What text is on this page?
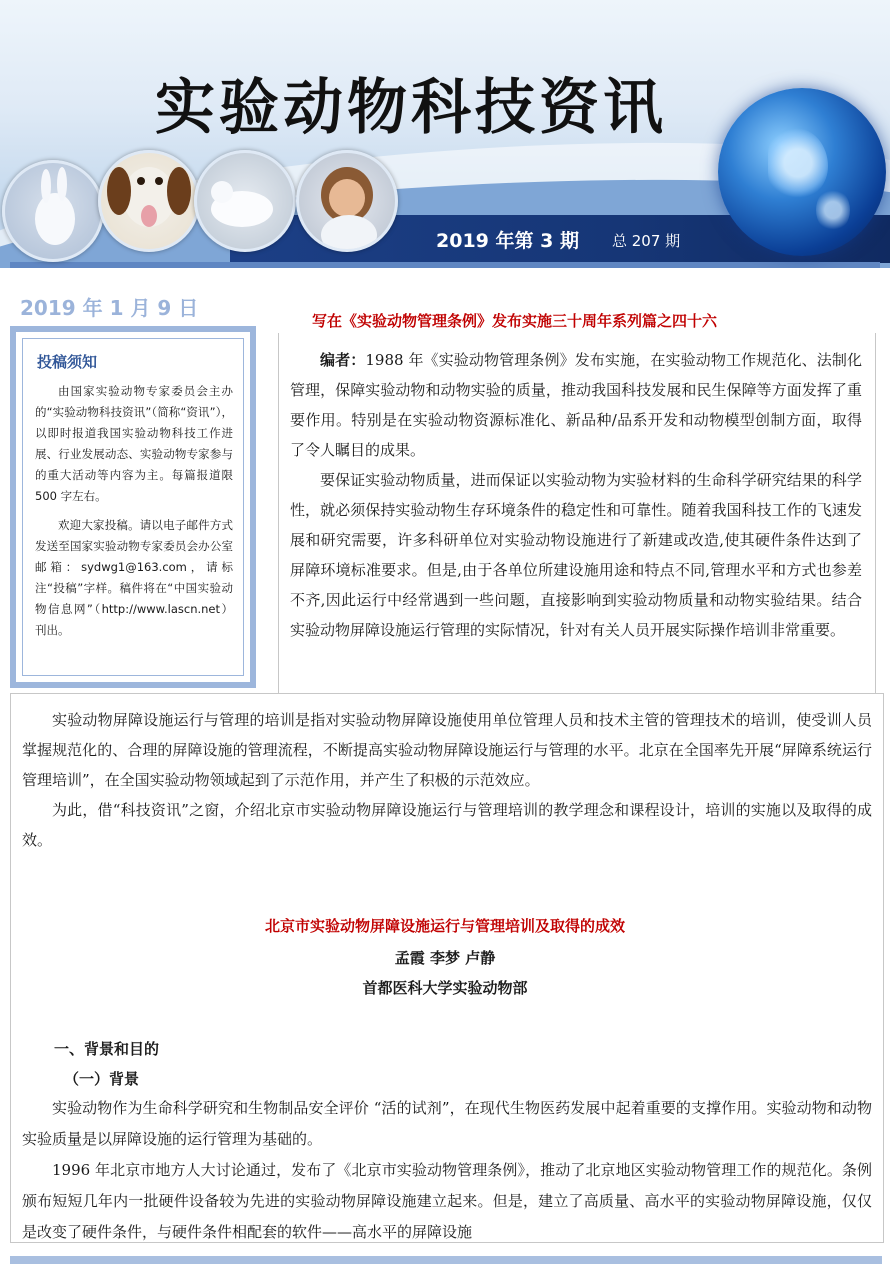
实验动物科技资讯
2019 年第 3 期 总 207 期
2019 年 1 月 9 日
投稿须知

由国家实验动物专家委员会主办的“实验动物科技资讯”（简称“资讯”），以即时报道我国实验动物科技工作进展、行业发展动态、实验动物专家参与的重大活动等内容为主。每篇报道限 500 字左右。

欢迎大家投稿。请以电子邮件方式发送至国家实验动物专家委员会办公室邮箱：sydwg1@163.com，请标注“投稿”字样。稿件将在“中国实验动物信息网”（http://www.lascn.net）刊出。

写在《实验动物管理条例》发布实施三十周年系列篇之四十六

编者：1988 年《实验动物管理条例》发布实施，在实验动物工作规范化、法制化管理，保障实验动物和动物实验的质量，推动我国科技发展和民生保障等方面发挥了重要作用。特别是在实验动物资源标准化、新品种/品系开发和动物模型创制方面，取得了令人瞩目的成果。

要保证实验动物质量，进而保证以实验动物为实验材料的生命科学研究结果的科学性，就必须保持实验动物生存环境条件的稳定性和可靠性。随着我国科技工作的飞速发展和研究需要，许多科研单位对实验动物设施进行了新建或改造,使其硬件条件达到了屏障环境标准要求。但是,由于各单位所建设施用途和特点不同,管理水平和方式也参差不齐,因此运行中经常遇到一些问题，直接影响到实验动物质量和动物实验结果。结合实验动物屏障设施运行管理的实际情况，针对有关人员开展实际操作培训非常重要。

实验动物屏障设施运行与管理的培训是指对实验动物屏障设施使用单位管理人员和技术主管的管理技术的培训，使受训人员掌握规范化的、合理的屏障设施的管理流程，不断提高实验动物屏障设施运行与管理的水平。北京在全国率先开展“屏障系统运行管理培训”，在全国实验动物领域起到了示范作用，并产生了积极的示范效应。

为此，借“科技资讯”之窗，介绍北京市实验动物屏障设施运行与管理培训的教学理念和课程设计，培训的实施以及取得的成效。

北京市实验动物屏障设施运行与管理培训及取得的成效
孟霞 李梦 卢静
首都医科大学实验动物部
一、背景和目的
（一）背景

实验动物作为生命科学研究和生物制品安全评价 “活的试剂”，在现代生物医药发展中起着重要的支撑作用。实验动物和动物实验质量是以屏障设施的运行管理为基础的。

1996 年北京市地方人大讨论通过，发布了《北京市实验动物管理条例》，推动了北京地区实验动物管理工作的规范化。条例颁布短短几年内一批硬件设备较为先进的实验动物屏障设施建立起来。但是，建立了高质量、高水平的实验动物屏障设施，仅仅是改变了硬件条件，与硬件条件相配套的软件——高水平的屏障设施
